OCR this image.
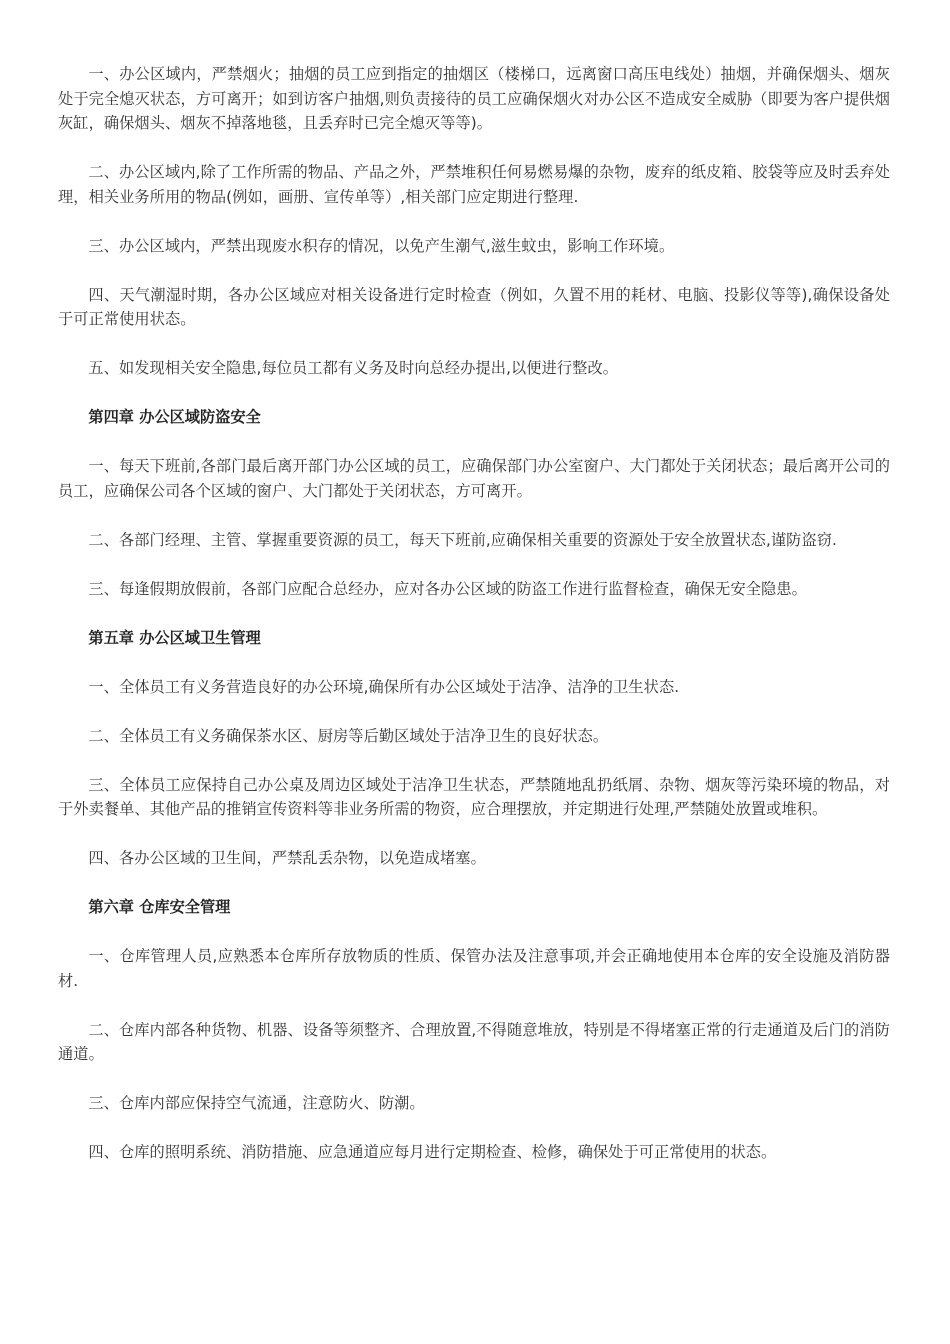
一、办公区域内，严禁烟火；抽烟的员工应到指定的抽烟区（楼梯口，远离窗口高压电线处）抽烟，并确保烟头、烟灰处于完全熄灭状态，方可离开；如到访客户抽烟,则负责接待的员工应确保烟火对办公区不造成安全威胁（即要为客户提供烟灰缸，确保烟头、烟灰不掉落地毯，且丢弃时已完全熄灭等等)。

二、办公区域内,除了工作所需的物品、产品之外，严禁堆积任何易燃易爆的杂物，废弃的纸皮箱、胶袋等应及时丢弃处理，相关业务所用的物品(例如，画册、宣传单等）,相关部门应定期进行整理.

三、办公区域内，严禁出现废水积存的情况，以免产生潮气,滋生蚊虫，影响工作环境。

四、天气潮湿时期，各办公区域应对相关设备进行定时检查（例如，久置不用的耗材、电脑、投影仪等等),确保设备处于可正常使用状态。

五、如发现相关安全隐患,每位员工都有义务及时向总经办提出,以便进行整改。

第四章 办公区域防盗安全

一、每天下班前,各部门最后离开部门办公区域的员工，应确保部门办公室窗户、大门都处于关闭状态；最后离开公司的员工，应确保公司各个区域的窗户、大门都处于关闭状态，方可离开。

二、各部门经理、主管、掌握重要资源的员工，每天下班前,应确保相关重要的资源处于安全放置状态,谨防盗窃.

三、每逢假期放假前，各部门应配合总经办，应对各办公区域的防盗工作进行监督检查，确保无安全隐患。

第五章 办公区域卫生管理

一、全体员工有义务营造良好的办公环境,确保所有办公区域处于洁净、洁净的卫生状态.

二、全体员工有义务确保茶水区、厨房等后勤区域处于洁净卫生的良好状态。

三、全体员工应保持自己办公桌及周边区域处于洁净卫生状态，严禁随地乱扔纸屑、杂物、烟灰等污染环境的物品，对于外卖餐单、其他产品的推销宣传资料等非业务所需的物资，应合理摆放，并定期进行处理,严禁随处放置或堆积。

四、各办公区域的卫生间，严禁乱丢杂物，以免造成堵塞。

第六章 仓库安全管理

一、仓库管理人员,应熟悉本仓库所存放物质的性质、保管办法及注意事项,并会正确地使用本仓库的安全设施及消防器材.

二、仓库内部各种货物、机器、设备等须整齐、合理放置,不得随意堆放，特别是不得堵塞正常的行走通道及后门的消防通道。

三、仓库内部应保持空气流通，注意防火、防潮。

四、仓库的照明系统、消防措施、应急通道应每月进行定期检查、检修，确保处于可正常使用的状态。
